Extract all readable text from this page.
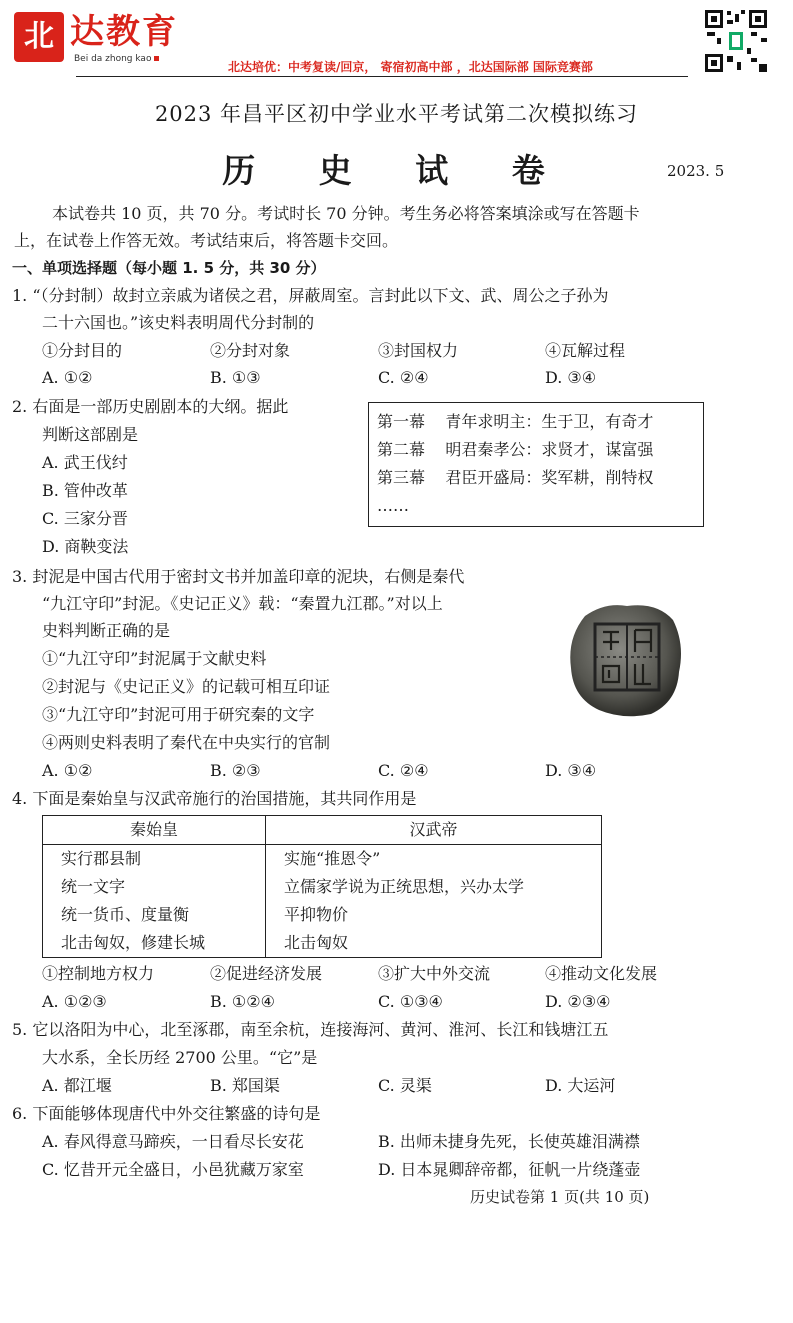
北 达教育
Bei da zhong kao
北达培优：中考复读/回京， 寄宿初高中部 ，北达国际部 国际竞赛部
2023 年昌平区初中学业水平考试第二次模拟练习
历 史 试 卷	2023. 5
本试卷共 10 页，共 70 分。考试时长 70 分钟。考生务必将答案填涂或写在答题卡
上，在试卷上作答无效。考试结束后，将答题卡交回。
一、单项选择题（每小题 1. 5 分，共 30 分）
1. “（分封制）故封立亲戚为诸侯之君，屏蔽周室。言封此以下文、武、周公之子孙为
二十六国也。”该史料表明周代分封制的
①分封目的	②分封对象	③封国权力	④瓦解过程
A. ①②	B. ①③	C. ②④	D. ③④
2. 右面是一部历史剧剧本的大纲。据此
判断这部剧是
A. 武王伐纣
B. 管仲改革
C. 三家分晋
D. 商鞅变法
第一幕    青年求明主：生于卫，有奇才
第二幕    明君秦孝公：求贤才，谋富强
第三幕    君臣开盛局：奖军耕，削特权
……
3. 封泥是中国古代用于密封文书并加盖印章的泥块，右侧是秦代
“九江守印”封泥。《史记正义》载：“秦置九江郡。”对以上
史料判断正确的是
①“九江守印”封泥属于文献史料
②封泥与《史记正义》的记载可相互印证
③“九江守印”封泥可用于研究秦的文字
④两则史料表明了秦代在中央实行的官制
A. ①②	B. ②③	C. ②④	D. ③④
4. 下面是秦始皇与汉武帝施行的治国措施，其共同作用是
秦始皇	汉武帝
实行郡县制	实施“推恩令”
统一文字	立儒家学说为正统思想，兴办太学
统一货币、度量衡	平抑物价
北击匈奴，修建长城	北击匈奴
①控制地方权力	②促进经济发展	③扩大中外交流	④推动文化发展
A. ①②③	B. ①②④	C. ①③④	D. ②③④
5. 它以洛阳为中心，北至涿郡，南至余杭，连接海河、黄河、淮河、长江和钱塘江五
大水系，全长历经 2700 公里。“它”是
A. 都江堰	B. 郑国渠	C. 灵渠	D. 大运河
6. 下面能够体现唐代中外交往繁盛的诗句是
A. 春风得意马蹄疾，一日看尽长安花	B. 出师未捷身先死，长使英雄泪满襟
C. 忆昔开元全盛日，小邑犹藏万家室	D. 日本晁卿辞帝都，征帆一片绕蓬壶
历史试卷第 1 页(共 10 页)
